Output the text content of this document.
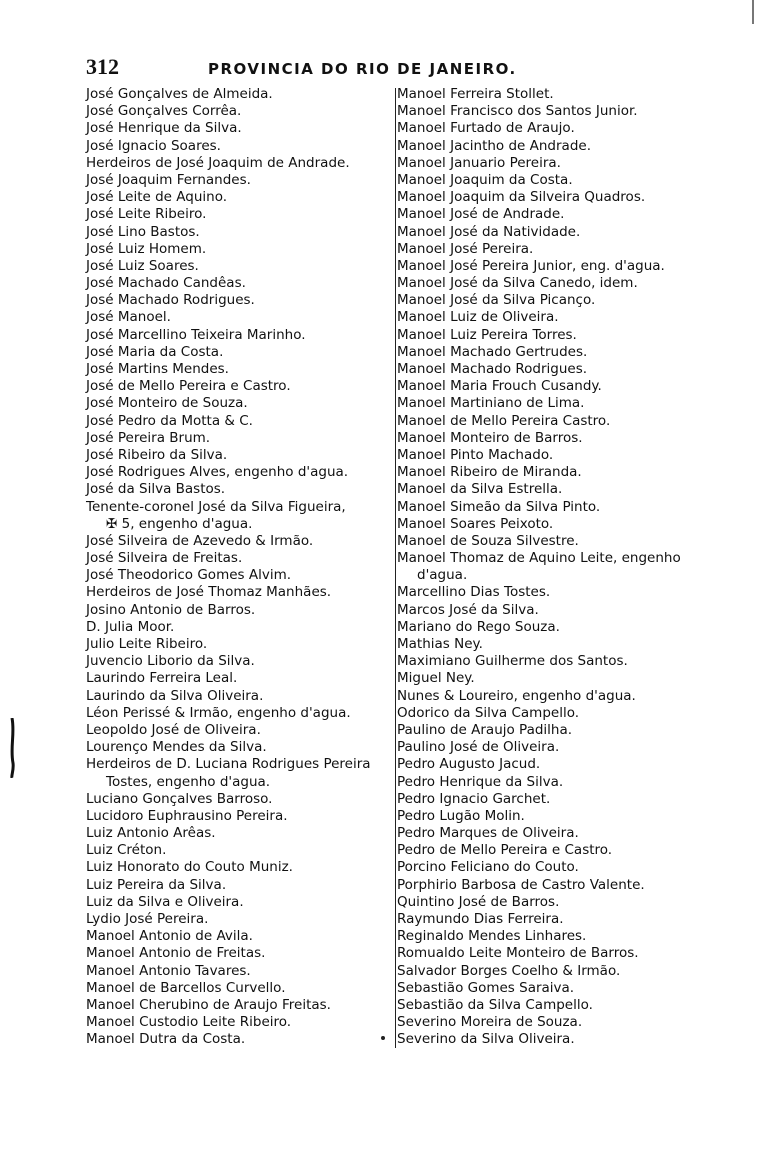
312	PROVINCIA DO RIO DE JANEIRO.
José Gonçalves de Almeida.
José Gonçalves Corrêa.
José Henrique da Silva.
José Ignacio Soares.
Herdeiros de José Joaquim de Andrade.
José Joaquim Fernandes.
José Leite de Aquino.
José Leite Ribeiro.
José Lino Bastos.
José Luiz Homem.
José Luiz Soares.
José Machado Candêas.
José Machado Rodrigues.
José Manoel.
José Marcellino Teixeira Marinho.
José Maria da Costa.
José Martins Mendes.
José de Mello Pereira e Castro.
José Monteiro de Souza.
José Pedro da Motta & C.
José Pereira Brum.
José Ribeiro da Silva.
José Rodrigues Alves, engenho d'agua.
José da Silva Bastos.
Tenente-coronel José da Silva Figueira,
✠ 5, engenho d'agua.
José Silveira de Azevedo & Irmão.
José Silveira de Freitas.
José Theodorico Gomes Alvim.
Herdeiros de José Thomaz Manhães.
Josino Antonio de Barros.
D. Julia Moor.
Julio Leite Ribeiro.
Juvencio Liborio da Silva.
Laurindo Ferreira Leal.
Laurindo da Silva Oliveira.
Léon Perissé & Irmão, engenho d'agua.
Leopoldo José de Oliveira.
Lourenço Mendes da Silva.
Herdeiros de D. Luciana Rodrigues Pereira
Tostes, engenho d'agua.
Luciano Gonçalves Barroso.
Lucidoro Euphrausino Pereira.
Luiz Antonio Arêas.
Luiz Créton.
Luiz Honorato do Couto Muniz.
Luiz Pereira da Silva.
Luiz da Silva e Oliveira.
Lydio José Pereira.
Manoel Antonio de Avila.
Manoel Antonio de Freitas.
Manoel Antonio Tavares.
Manoel de Barcellos Curvello.
Manoel Cherubino de Araujo Freitas.
Manoel Custodio Leite Ribeiro.
Manoel Dutra da Costa.
Manoel Ferreira Stollet.
Manoel Francisco dos Santos Junior.
Manoel Furtado de Araujo.
Manoel Jacintho de Andrade.
Manoel Januario Pereira.
Manoel Joaquim da Costa.
Manoel Joaquim da Silveira Quadros.
Manoel José de Andrade.
Manoel José da Natividade.
Manoel José Pereira.
Manoel José Pereira Junior, eng. d'agua.
Manoel José da Silva Canedo, idem.
Manoel José da Silva Picanço.
Manoel Luiz de Oliveira.
Manoel Luiz Pereira Torres.
Manoel Machado Gertrudes.
Manoel Machado Rodrigues.
Manoel Maria Frouch Cusandy.
Manoel Martiniano de Lima.
Manoel de Mello Pereira Castro.
Manoel Monteiro de Barros.
Manoel Pinto Machado.
Manoel Ribeiro de Miranda.
Manoel da Silva Estrella.
Manoel Simeão da Silva Pinto.
Manoel Soares Peixoto.
Manoel de Souza Silvestre.
Manoel Thomaz de Aquino Leite, engenho
d'agua.
Marcellino Dias Tostes.
Marcos José da Silva.
Mariano do Rego Souza.
Mathias Ney.
Maximiano Guilherme dos Santos.
Miguel Ney.
Nunes & Loureiro, engenho d'agua.
Odorico da Silva Campello.
Paulino de Araujo Padilha.
Paulino José de Oliveira.
Pedro Augusto Jacud.
Pedro Henrique da Silva.
Pedro Ignacio Garchet.
Pedro Lugão Molin.
Pedro Marques de Oliveira.
Pedro de Mello Pereira e Castro.
Porcino Feliciano do Couto.
Porphirio Barbosa de Castro Valente.
Quintino José de Barros.
Raymundo Dias Ferreira.
Reginaldo Mendes Linhares.
Romualdo Leite Monteiro de Barros.
Salvador Borges Coelho & Irmão.
Sebastião Gomes Saraiva.
Sebastião da Silva Campello.
Severino Moreira de Souza.
Severino da Silva Oliveira.
